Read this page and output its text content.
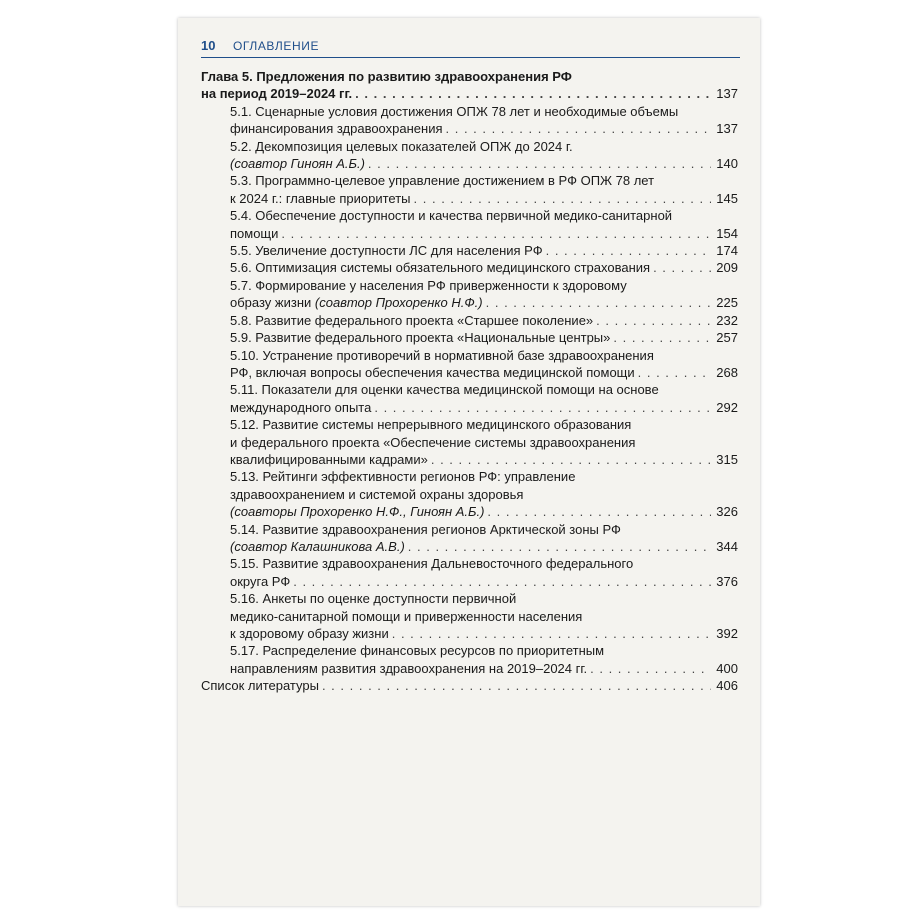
10 ОГЛАВЛЕНИЕ
Глава 5. Предложения по развитию здравоохранения РФ
на период 2019–2024 гг. . . .	137
5.1. Сценарные условия достижения ОПЖ 78 лет и необходимые объемы
финансирования здравоохранения . . .	137
5.2. Декомпозиция целевых показателей ОПЖ до 2024 г.
(соавтор Гиноян А.Б.) . . .	140
5.3. Программно-целевое управление достижением в РФ ОПЖ 78 лет
к 2024 г.: главные приоритеты . . .	145
5.4. Обеспечение доступности и качества первичной медико-санитарной
помощи . . .	154
5.5. Увеличение доступности ЛС для населения РФ . . .	174
5.6. Оптимизация системы обязательного медицинского страхования . . .	209
5.7. Формирование у населения РФ приверженности к здоровому
образу жизни (соавтор Прохоренко Н.Ф.) . . .	225
5.8. Развитие федерального проекта «Старшее поколение» . . .	232
5.9. Развитие федерального проекта «Национальные центры» . . .	257
5.10. Устранение противоречий в нормативной базе здравоохранения
РФ, включая вопросы обеспечения качества медицинской помощи . . .	268
5.11. Показатели для оценки качества медицинской помощи на основе
международного опыта . . .	292
5.12. Развитие системы непрерывного медицинского образования
и федерального проекта «Обеспечение системы здравоохранения
квалифицированными кадрами» . . .	315
5.13. Рейтинги эффективности регионов РФ: управление
здравоохранением и системой охраны здоровья
(соавторы Прохоренко Н.Ф., Гиноян А.Б.) . . .	326
5.14. Развитие здравоохранения регионов Арктической зоны РФ
(соавтор Калашникова А.В.) . . .	344
5.15. Развитие здравоохранения Дальневосточного федерального
округа РФ . . .	376
5.16. Анкеты по оценке доступности первичной
медико-санитарной помощи и приверженности населения
к здоровому образу жизни . . .	392
5.17. Распределение финансовых ресурсов по приоритетным
направлениям развития здравоохранения на 2019–2024 гг. . . .	400
Список литературы . . .	406
